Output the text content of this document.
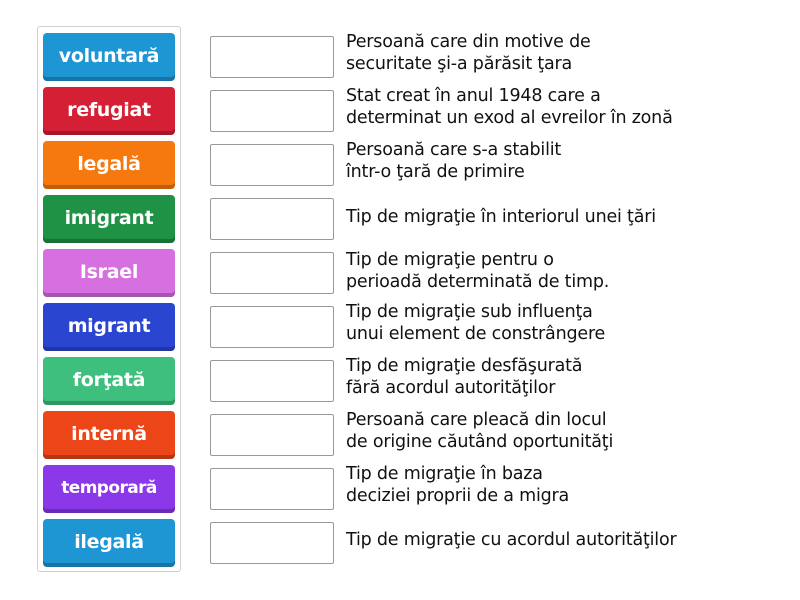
voluntară
refugiat
legală
imigrant
Israel
migrant
forţată
internă
temporară
ilegală
Persoană care din motive de
securitate şi-a părăsit ţara
Stat creat în anul 1948 care a
determinat un exod al evreilor în zonă
Persoană care s-a stabilit
într-o ţară de primire
Tip de migraţie în interiorul unei ţări
Tip de migraţie pentru o
perioadă determinată de timp.
Tip de migraţie sub influenţa
unui element de constrângere
Tip de migraţie desfăşurată
fără acordul autorităţilor
Persoană care pleacă din locul
de origine căutând oportunităţi
Tip de migraţie în baza
deciziei proprii de a migra
Tip de migraţie cu acordul autorităţilor
